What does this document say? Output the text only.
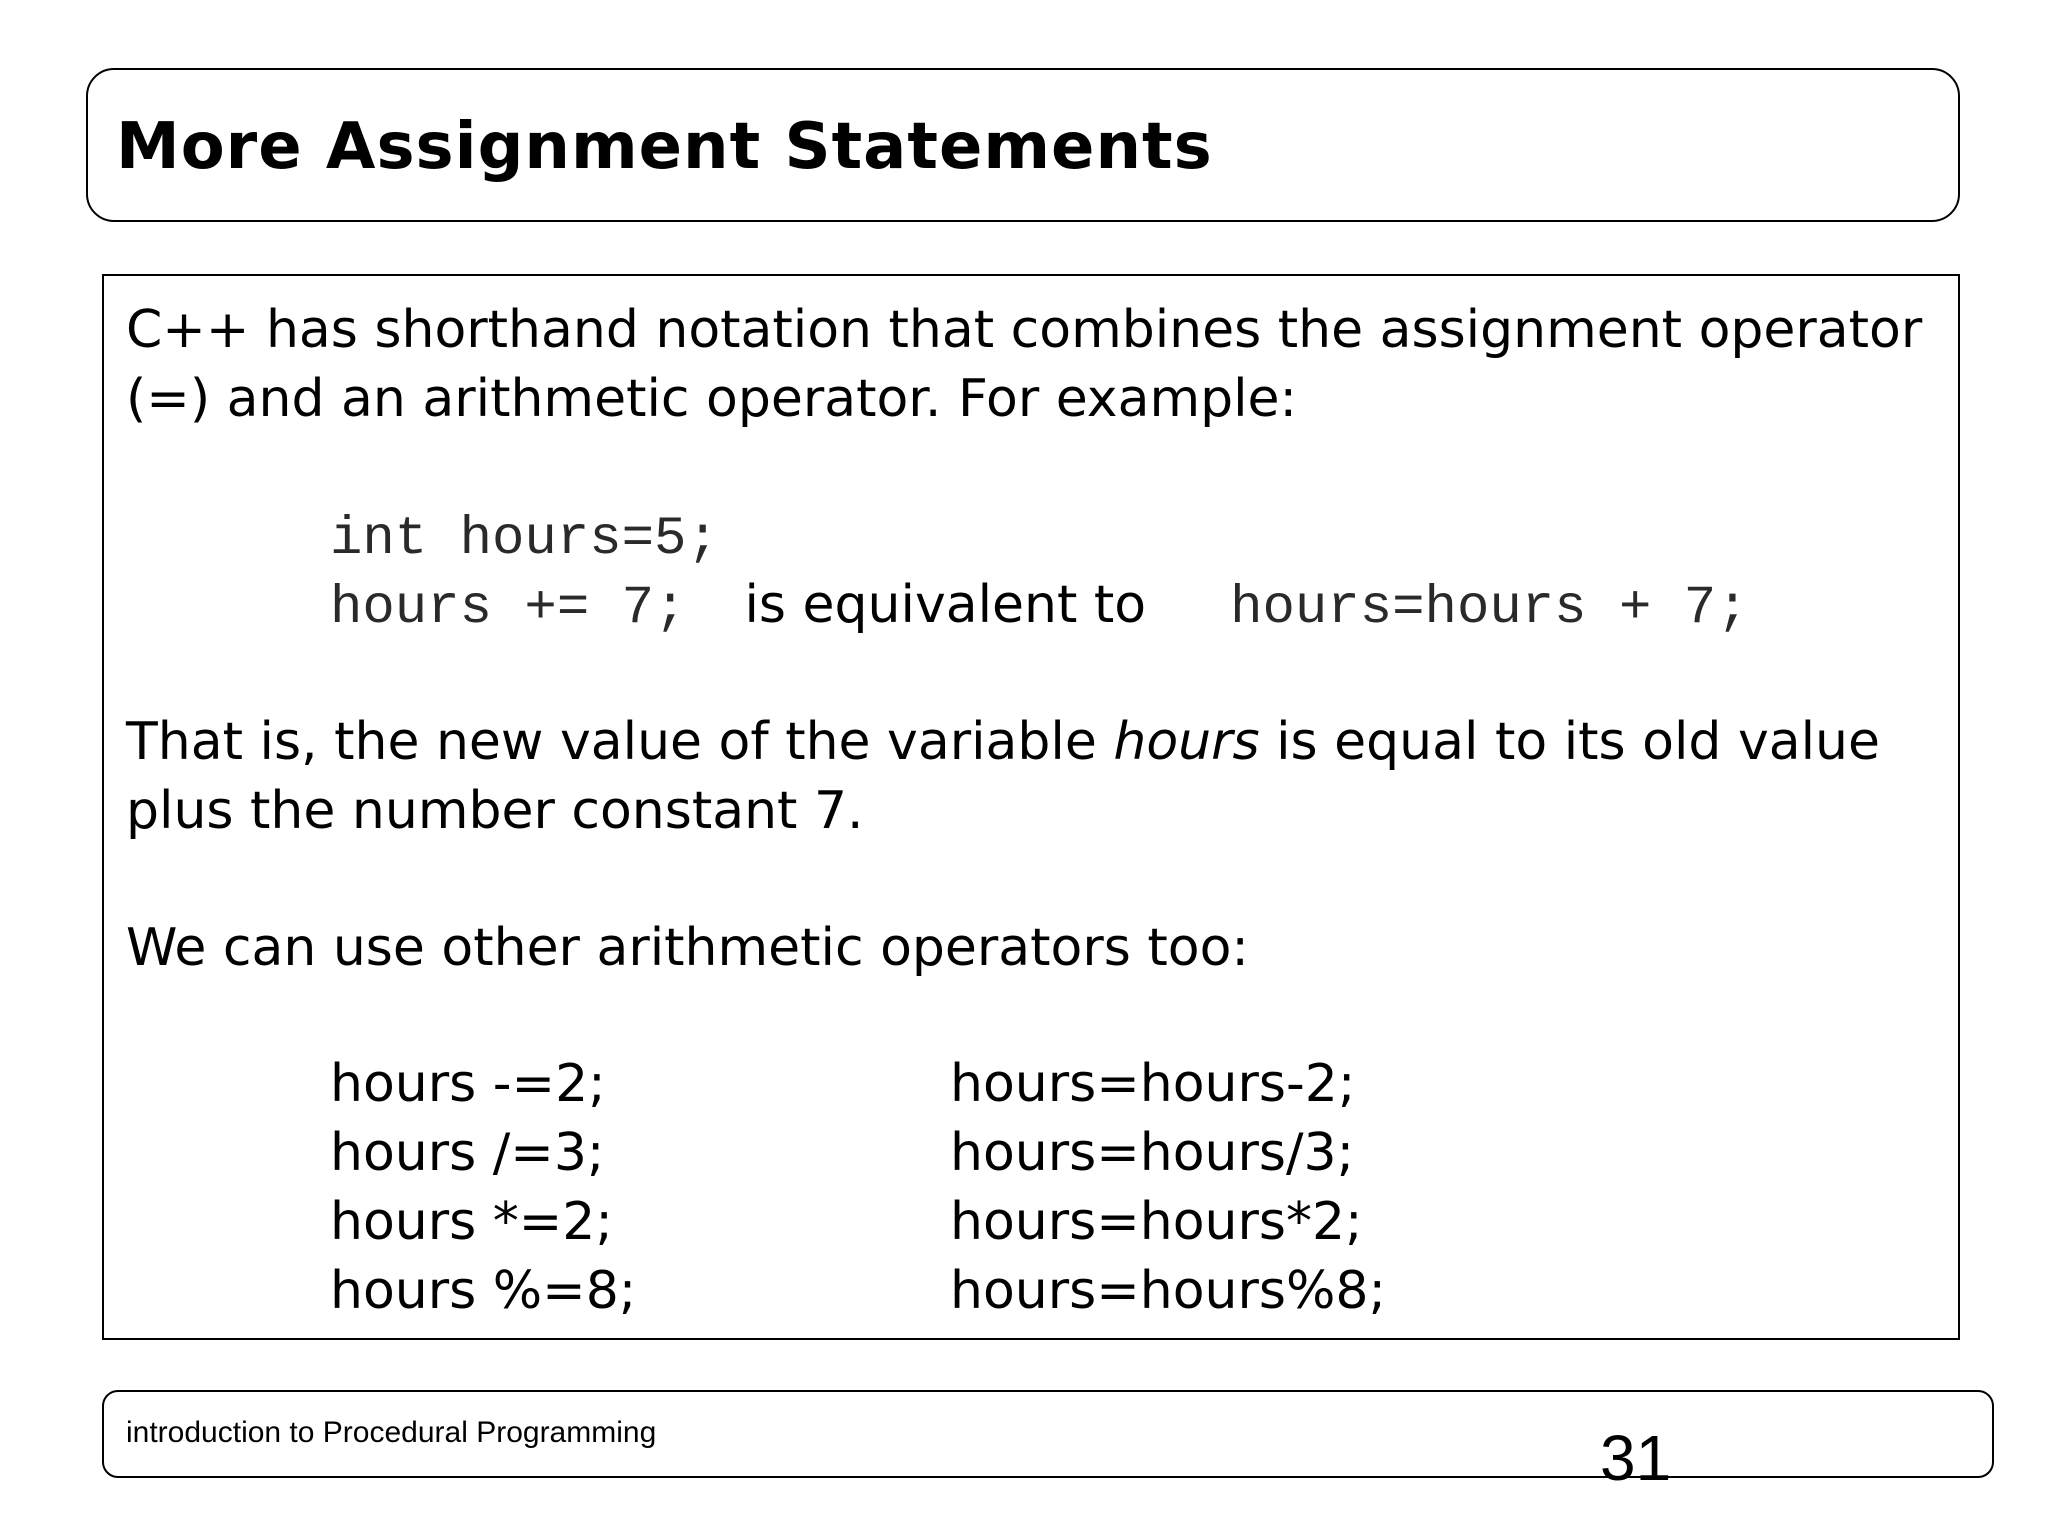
More Assignment Statements
C++ has shorthand notation that combines the assignment operator
(=) and an arithmetic operator. For example:
int hours=5;
hours += 7; is equivalent to hours=hours + 7;
That is, the new value of the variable hours is equal to its old value
plus the number constant 7.
We can use other arithmetic operators too:
hours -=2;	hours=hours-2;
hours /=3;	hours=hours/3;
hours *=2;	hours=hours*2;
hours %=8;	hours=hours%8;
introduction to Procedural Programming	31
